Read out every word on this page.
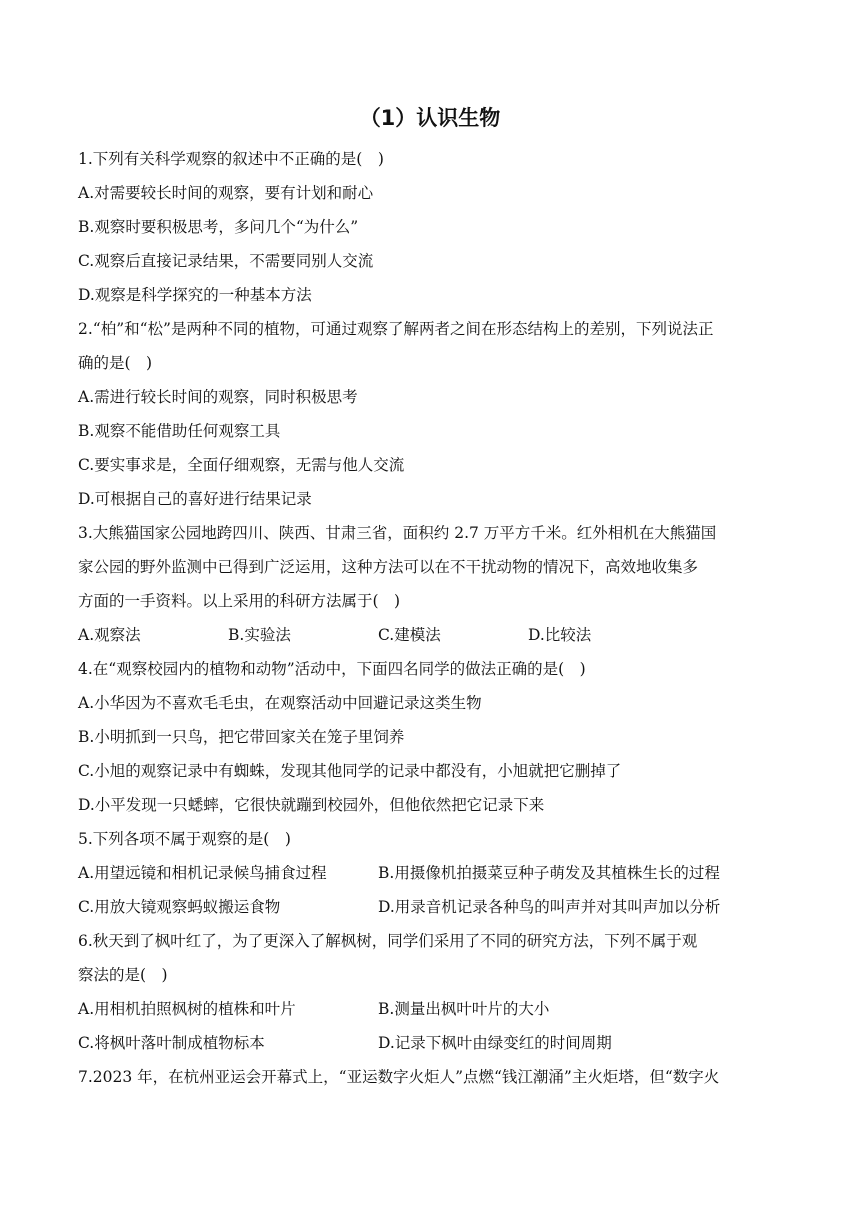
（1）认识生物
1.下列有关科学观察的叙述中不正确的是(　)
A.对需要较长时间的观察，要有计划和耐心
B.观察时要积极思考，多问几个“为什么”
C.观察后直接记录结果，不需要同别人交流
D.观察是科学探究的一种基本方法
2.“柏”和“松”是两种不同的植物，可通过观察了解两者之间在形态结构上的差别，下列说法正
确的是(　)
A.需进行较长时间的观察，同时积极思考
B.观察不能借助任何观察工具
C.要实事求是，全面仔细观察，无需与他人交流
D.可根据自己的喜好进行结果记录
3.大熊猫国家公园地跨四川、陕西、甘肃三省，面积约 2.7 万平方千米。红外相机在大熊猫国
家公园的野外监测中已得到广泛运用，这种方法可以在不干扰动物的情况下，高效地收集多
方面的一手资料。以上采用的科研方法属于(　)
A.观察法	B.实验法	C.建模法	D.比较法
4.在“观察校园内的植物和动物”活动中，下面四名同学的做法正确的是(　)
A.小华因为不喜欢毛毛虫，在观察活动中回避记录这类生物
B.小明抓到一只鸟，把它带回家关在笼子里饲养
C.小旭的观察记录中有蜘蛛，发现其他同学的记录中都没有，小旭就把它删掉了
D.小平发现一只蟋蟀，它很快就蹦到校园外，但他依然把它记录下来
5.下列各项不属于观察的是(　)
A.用望远镜和相机记录候鸟捕食过程	B.用摄像机拍摄菜豆种子萌发及其植株生长的过程
C.用放大镜观察蚂蚁搬运食物	D.用录音机记录各种鸟的叫声并对其叫声加以分析
6.秋天到了枫叶红了，为了更深入了解枫树，同学们采用了不同的研究方法，下列不属于观
察法的是(　)
A.用相机拍照枫树的植株和叶片	B.测量出枫叶叶片的大小
C.将枫叶落叶制成植物标本	D.记录下枫叶由绿变红的时间周期
7.2023 年，在杭州亚运会开幕式上，“亚运数字火炬人”点燃“钱江潮涌”主火炬塔，但“数字火
